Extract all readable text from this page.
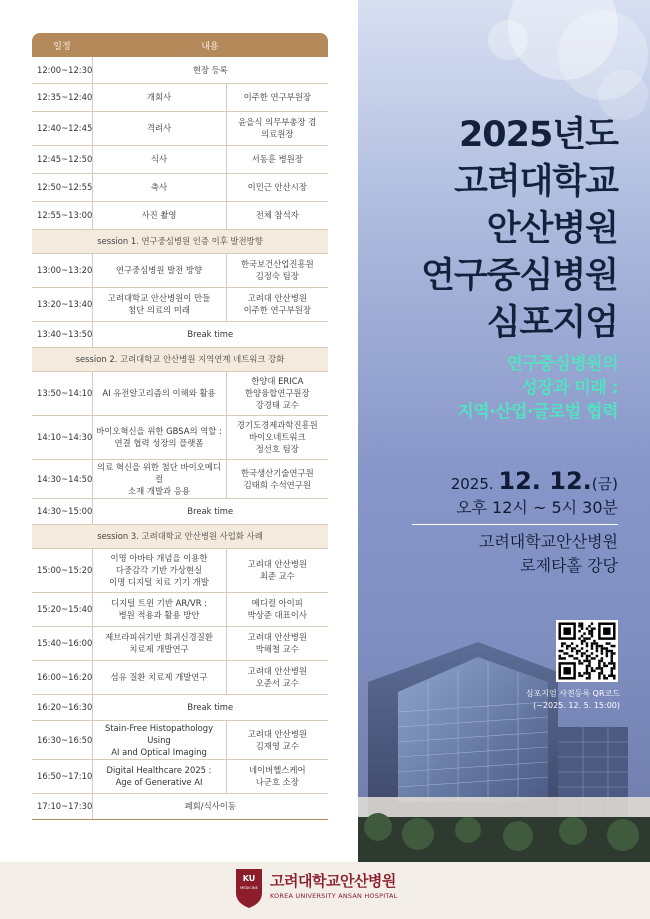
일정	내용	
12:00~12:30	현장 등록	
12:35~12:40	개회사	이주한 연구부원장
12:40~12:45	격려사	윤을식 의무부총장 겸
의료원장
12:45~12:50	식사	서동훈 병원장
12:50~12:55	축사	이민근 안산시장
12:55~13:00	사진 촬영	전체 참석자
session 1. 연구중심병원 인증 이후 발전방향		
13:00~13:20	연구중심병원 발전 방향	한국보건산업진흥원
김정숙 팀장
13:20~13:40	고려대학교 안산병원이 만들
첨단 의료의 미래	고려대 안산병원
이주한 연구부원장
13:40~13:50	Break time	
session 2. 고려대학교 안산병원 지역연계 네트워크 강화		
13:50~14:10	AI 유전알고리즘의 이해와 활용	한양대 ERICA
한양융합연구원장
강경태 교수
14:10~14:30	바이오혁신을 위한 GBSA의 역할 :
연결 협력 성장의 플랫폼	경기도경제과학진흥원
바이오네트워크
정선호 팀장
14:30~14:50	의료 혁신을 위한 첨단 바이오메디컬
소재 개발과 응용	한국생산기술연구원
김태희 수석연구원
14:30~15:00	Break time	
session 3. 고려대학교 안산병원 사업화 사례		
15:00~15:20	이명 아바타 개념을 이용한
다중감각 기반 가상현실
이명 디지털 치료 기기 개발	고려대 안산병원
최준 교수
15:20~15:40	디지털 트윈 기반 AR/VR :
병원 적용과 활용 방안	메디컬 아이피
박상준 대표이사
15:40~16:00	제브라피쉬기반 희귀신경질환
치료제 개발연구	고려대 안산병원
박해철 교수
16:00~16:20	섬유 질환 치료제 개발연구	고려대 안산병원
오준서 교수
16:20~16:30	Break time	
16:30~16:50	Stain-Free Histopathology Using
AI and Optical Imaging	고려대 안산병원
김재영 교수
16:50~17:10	Digital Healthcare 2025 :
Age of Generative AI	네이버헬스케어
나군호 소장
17:10~17:30	폐회/식사이동	
2025년도
고려대학교
안산병원
연구중심병원
심포지엄
연구중심병원의
성장과 미래 :
지역·산업·글로벌 협력
2025. 12. 12.(금)
오후 12시 ~ 5시 30분
고려대학교안산병원
로제타홀 강당
심포지엄 사전등록 QR코드
(~2025. 12. 5. 15:00)
KU
MEDICINE 고려대학교안산병원
KOREA UNIVERSITY ANSAN HOSPITAL
